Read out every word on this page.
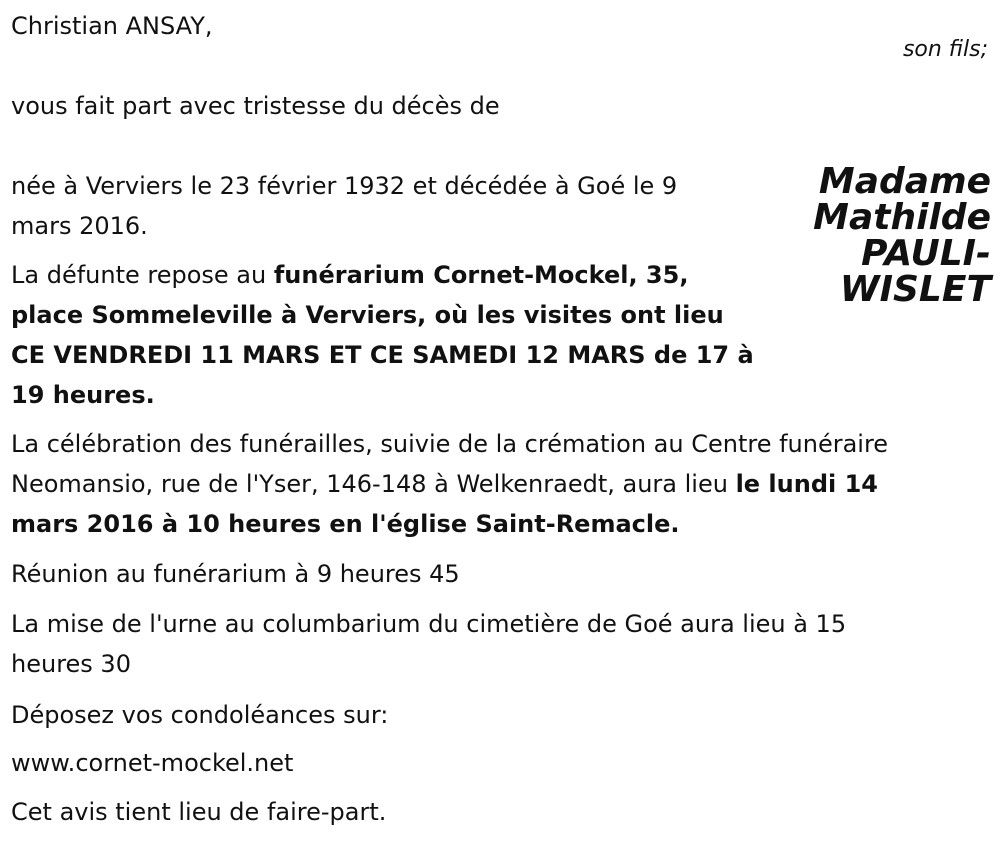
Christian ANSAY,
son fils;
vous fait part avec tristesse du décès de
Madame
Mathilde
PAULI-
WISLET
née à Verviers le 23 février 1932 et décédée à Goé le 9
mars 2016.
La défunte repose au funérarium Cornet-Mockel, 35,
place Sommeleville à Verviers, où les visites ont lieu
CE VENDREDI 11 MARS ET CE SAMEDI 12 MARS de 17 à
19 heures.
La célébration des funérailles, suivie de la crémation au Centre funéraire
Neomansio, rue de l'Yser, 146-148 à Welkenraedt, aura lieu le lundi 14
mars 2016 à 10 heures en l'église Saint-Remacle.
Réunion au funérarium à 9 heures 45
La mise de l'urne au columbarium du cimetière de Goé aura lieu à 15
heures 30
Déposez vos condoléances sur:
www.cornet-mockel.net
Cet avis tient lieu de faire-part.
